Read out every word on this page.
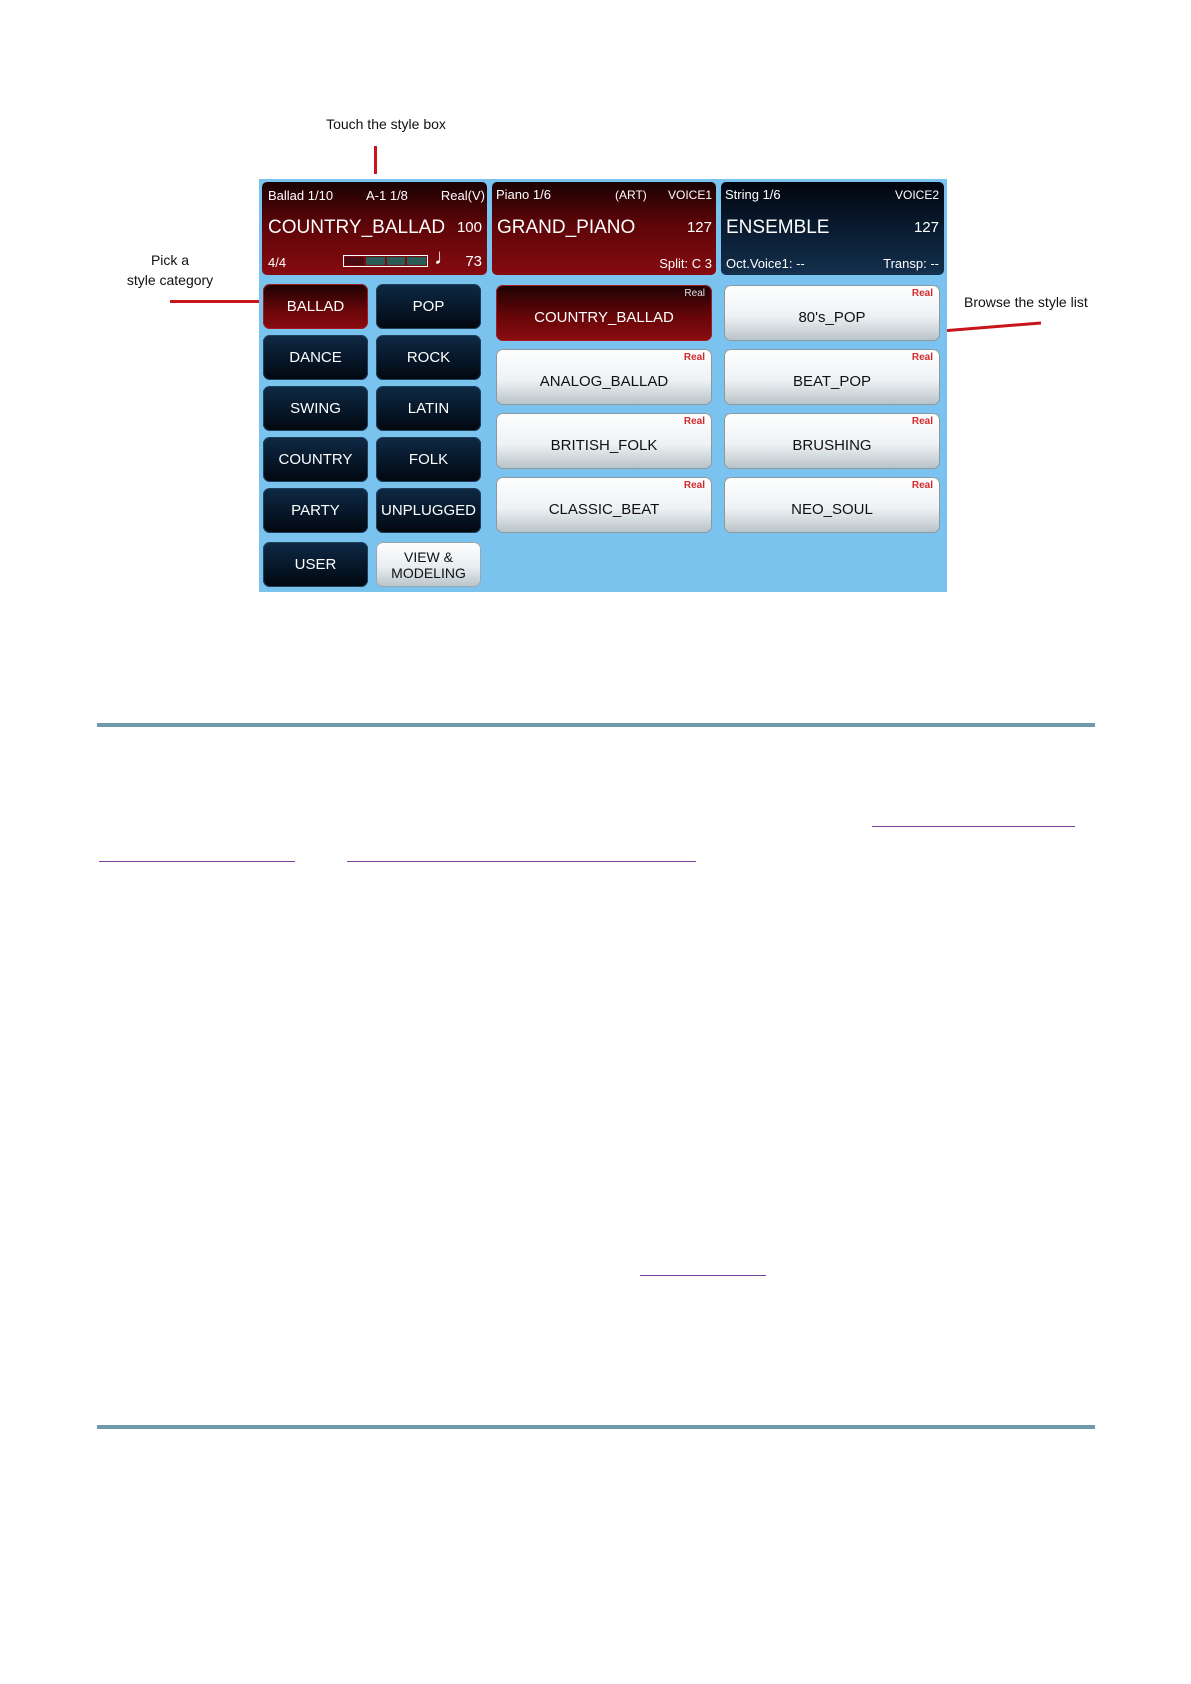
Touch the style box
Pick a
style category
Browse the style list
Ballad 1/10	A-1 1/8	Real(V)
COUNTRY_BALLAD 100
4/4	♩ 73
Piano 1/6	(ART) VOICE1
GRAND_PIANO	127
Split: C 3
String 1/6	VOICE2
ENSEMBLE	127
Oct.Voice1: --	Transp: --
BALLAD	POP
DANCE	ROCK
SWING	LATIN
COUNTRY	FOLK
PARTY	UNPLUGGED
USER	VIEW &
MODELING
Real
COUNTRY_BALLAD
Real
80's_POP
Real
ANALOG_BALLAD
Real
BEAT_POP
Real
BRITISH_FOLK
Real
BRUSHING
Real
CLASSIC_BEAT
Real
NEO_SOUL
